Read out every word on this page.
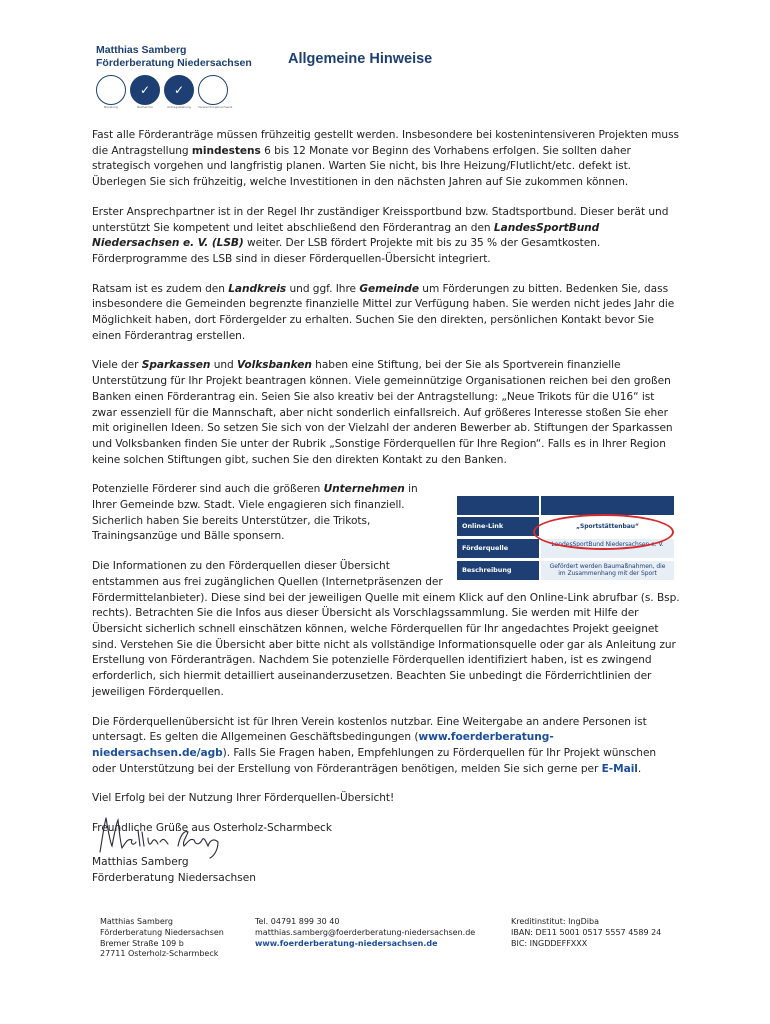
Matthias Samberg
Förderberatung Niedersachsen
✓ ✓
Beratung	Recherche	Antragsstellung	Verwendungsnachweis
Allgemeine Hinweise

Fast alle Förderanträge müssen frühzeitig gestellt werden. Insbesondere bei kostenintensiveren Projekten muss die Antragstellung mindestens 6 bis 12 Monate vor Beginn des Vorhabens erfolgen. Sie sollten daher strategisch vorgehen und langfristig planen. Warten Sie nicht, bis Ihre Heizung/Flutlicht/etc. defekt ist. Überlegen Sie sich frühzeitig, welche Investitionen in den nächsten Jahren auf Sie zukommen können.

Erster Ansprechpartner ist in der Regel Ihr zuständiger Kreissportbund bzw. Stadtsportbund. Dieser berät und unterstützt Sie kompetent und leitet abschließend den Förderantrag an den LandesSportBund Niedersachsen e. V. (LSB) weiter. Der LSB fördert Projekte mit bis zu 35 % der Gesamtkosten. Förderprogramme des LSB sind in dieser Förderquellen-Übersicht integriert.

Ratsam ist es zudem den Landkreis und ggf. Ihre Gemeinde um Förderungen zu bitten. Bedenken Sie, dass insbesondere die Gemeinden begrenzte finanzielle Mittel zur Verfügung haben. Sie werden nicht jedes Jahr die Möglichkeit haben, dort Fördergelder zu erhalten. Suchen Sie den direkten, persönlichen Kontakt bevor Sie einen Förderantrag erstellen.

Viele der Sparkassen und Volksbanken haben eine Stiftung, bei der Sie als Sportverein finanzielle Unterstützung für Ihr Projekt beantragen können. Viele gemeinnützige Organisationen reichen bei den großen Banken einen Förderantrag ein. Seien Sie also kreativ bei der Antragstellung: „Neue Trikots für die U16“ ist zwar essenziell für die Mannschaft, aber nicht sonderlich einfallsreich. Auf größeres Interesse stoßen Sie eher mit originellen Ideen. So setzen Sie sich von der Vielzahl der anderen Bewerber ab. Stiftungen der Sparkassen und Volksbanken finden Sie unter der Rubrik „Sonstige Förderquellen für Ihre Region“. Falls es in Ihrer Region keine solchen Stiftungen gibt, suchen Sie den direkten Kontakt zu den Banken.

Potenzielle Förderer sind auch die größeren Unternehmen
Online-Link	„Sportstättenbau“
Förderquelle	LandesSportBund Niedersachsen e. V.
Beschreibung	Gefördert werden Baumaßnahmen, die im Zusammenhang mit der Sport
in Ihrer Gemeinde bzw. Stadt. Viele engagieren sich finanziell. Sicherlich haben Sie bereits Unterstützer, die Trikots, Trainingsanzüge und Bälle sponsern.

Die Informationen zu den Förderquellen dieser Übersicht entstammen aus frei zugänglichen Quellen (Internetpräsenzen der Fördermittelanbieter). Diese sind bei der jeweiligen Quelle mit einem Klick auf den Online-Link abrufbar (s. Bsp. rechts). Betrachten Sie die Infos aus dieser Übersicht als Vorschlagssammlung. Sie werden mit Hilfe der Übersicht sicherlich schnell einschätzen können, welche Förderquellen für Ihr angedachtes Projekt geeignet sind. Verstehen Sie die Übersicht aber bitte nicht als vollständige Informationsquelle oder gar als Anleitung zur Erstellung von Förderanträgen. Nachdem Sie potenzielle Förderquellen identifiziert haben, ist es zwingend erforderlich, sich hiermit detailliert auseinanderzusetzen. Beachten Sie unbedingt die Förderrichtlinien der jeweiligen Förderquellen.

Die Förderquellenübersicht ist für Ihren Verein kostenlos nutzbar. Eine Weitergabe an andere Personen ist untersagt. Es gelten die Allgemeinen Geschäftsbedingungen (www.foerderberatung-niedersachsen.de/agb). Falls Sie Fragen haben, Empfehlungen zu Förderquellen für Ihr Projekt wünschen oder Unterstützung bei der Erstellung von Förderanträgen benötigen, melden Sie sich gerne per E-Mail.

Viel Erfolg bei der Nutzung Ihrer Förderquellen-Übersicht!

Freundliche Grüße aus Osterholz-Scharmbeck

Matthias Samberg
Förderberatung Niedersachsen
Matthias Samberg
Förderberatung Niedersachsen
Bremer Straße 109 b
27711 Osterholz-Scharmbeck
Tel. 04791 899 30 40
matthias.samberg@foerderberatung-niedersachsen.de
www.foerderberatung-niedersachsen.de
Kreditinstitut: IngDiba
IBAN: DE11 5001 0517 5557 4589 24
BIC: INGDDEFFXXX
